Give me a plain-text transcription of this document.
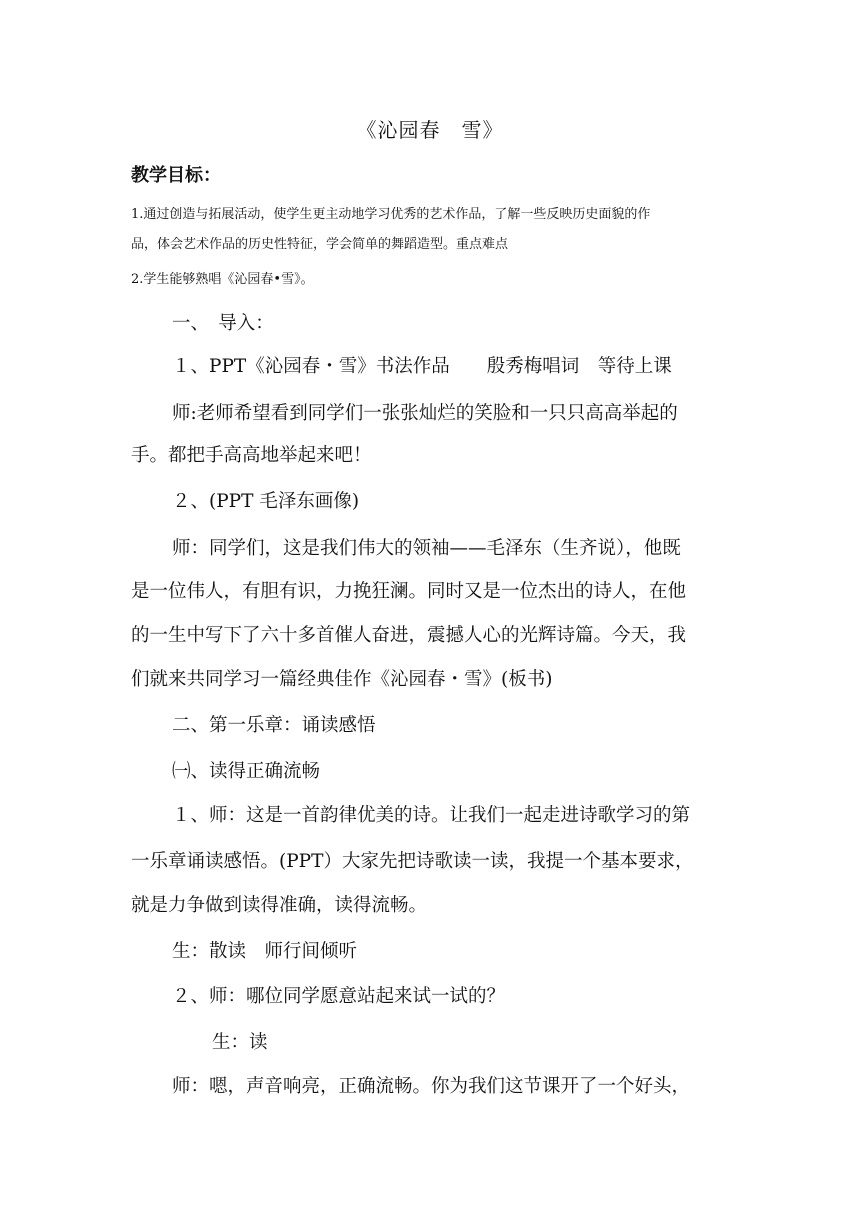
《沁园春　雪》
教学目标：
1.通过创造与拓展活动，使学生更主动地学习优秀的艺术作品，了解一些反映历史面貌的作
品，体会艺术作品的历史性特征，学会简单的舞蹈造型。重点难点
2.学生能够熟唱《沁园春•雪》。
一、　导入：
１、PPT《沁园春・雪》书法作品　　殷秀梅唱词　等待上课
师:老师希望看到同学们一张张灿烂的笑脸和一只只高高举起的
手。都把手高高地举起来吧！
２、(PPT 毛泽东画像)
师：同学们，这是我们伟大的领袖——毛泽东（生齐说），他既
是一位伟人，有胆有识，力挽狂澜。同时又是一位杰出的诗人，在他
的一生中写下了六十多首催人奋进，震撼人心的光辉诗篇。今天，我
们就来共同学习一篇经典佳作《沁园春・雪》(板书)
二、第一乐章：诵读感悟
㈠、读得正确流畅
１、师：这是一首韵律优美的诗。让我们一起走进诗歌学习的第
一乐章诵读感悟。(PPT）大家先把诗歌读一读，我提一个基本要求，
就是力争做到读得准确，读得流畅。
生：散读　师行间倾听
２、师：哪位同学愿意站起来试一试的？
生：读
师：嗯，声音响亮，正确流畅。你为我们这节课开了一个好头，
